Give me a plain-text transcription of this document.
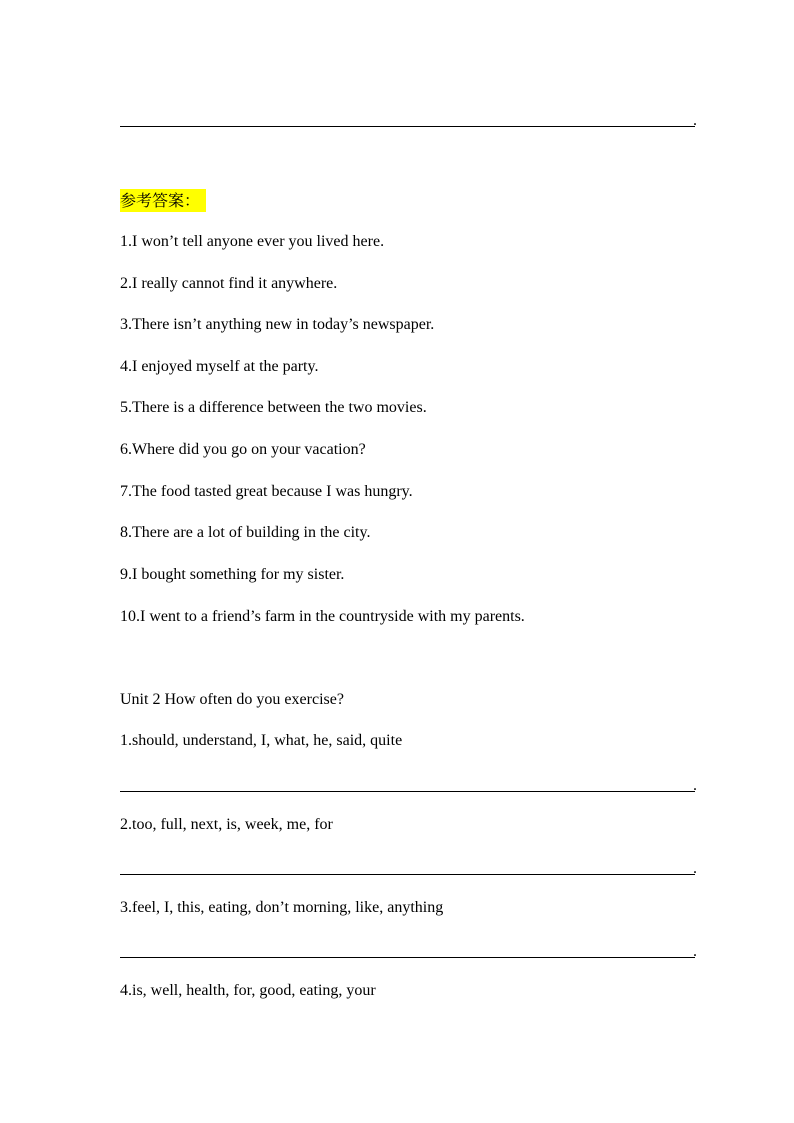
.
参考答案：
1.I won’t tell anyone ever you lived here.
2.I really cannot find it anywhere.
3.There isn’t anything new in today’s newspaper.
4.I enjoyed myself at the party.
5.There is a difference between the two movies.
6.Where did you go on your vacation?
7.The food tasted great because I was hungry.
8.There are a lot of building in the city.
9.I bought something for my sister.
10.I went to a friend’s farm in the countryside with my parents.
Unit 2 How often do you exercise?
1.should, understand, I, what, he, said, quite
.
2.too, full, next, is, week, me, for
.
3.feel, I, this, eating, don’t morning, like, anything
.
4.is, well, health, for, good, eating, your
